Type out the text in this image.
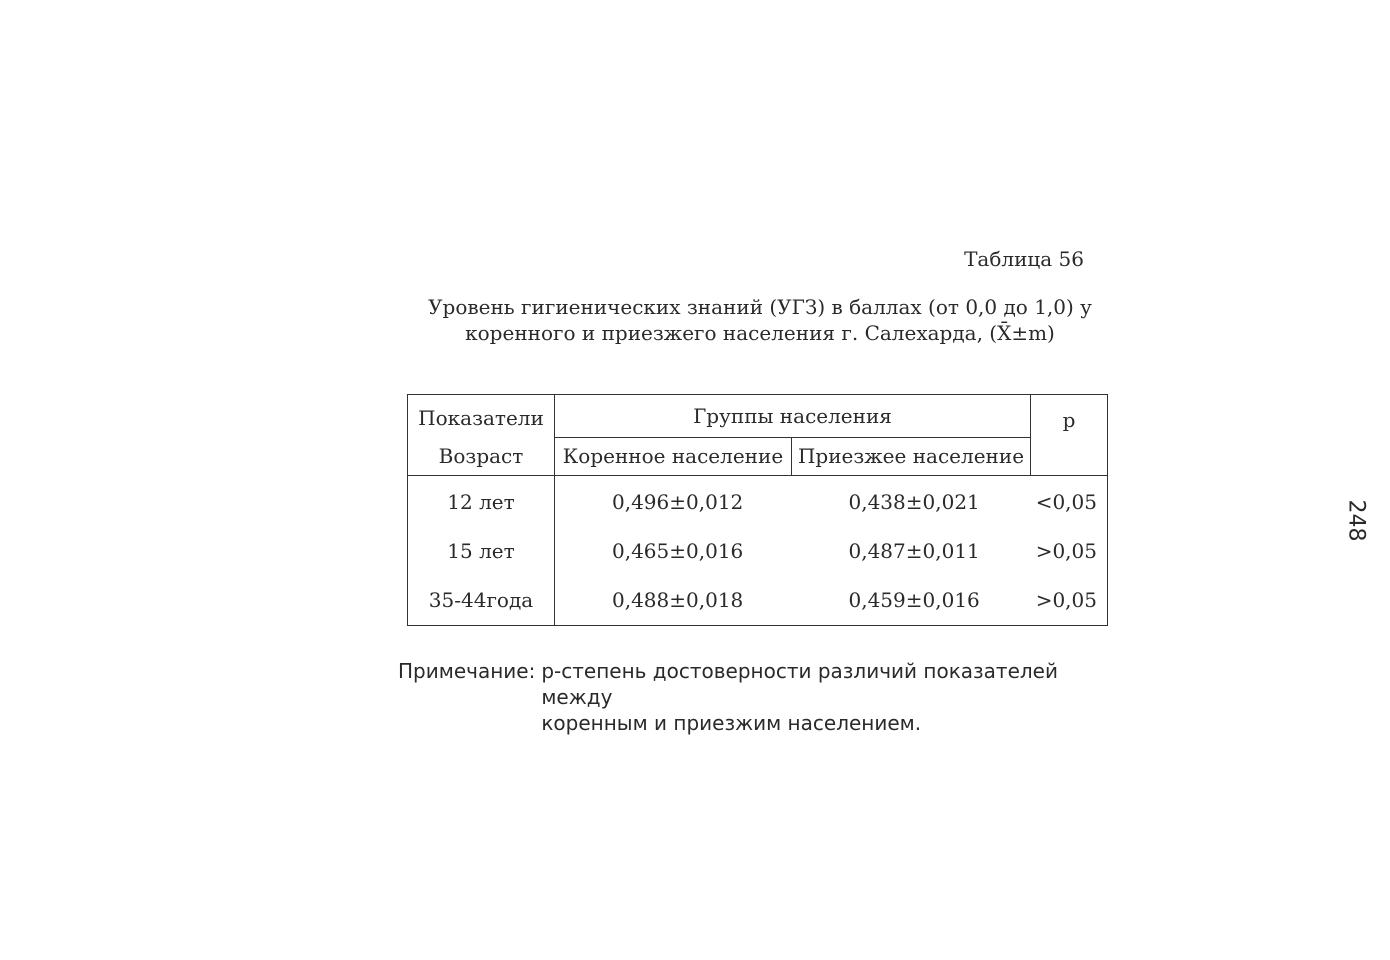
Таблица 56
Уровень гигиенических знаний (УГЗ) в баллах (от 0,0 до 1,0) у
коренного и приезжего населения г. Салехарда, (X̄±m)
Показатели	Группы населения		p
Возраст	Коренное население	Приезжее население	
12 лет	0,496±0,012	0,438±0,021	<0,05
15 лет	0,465±0,016	0,487±0,011	>0,05
35-44года	0,488±0,018	0,459±0,016	>0,05
Примечание: p-степень достоверности различий показателей между
коренным и приезжим населением.
248
